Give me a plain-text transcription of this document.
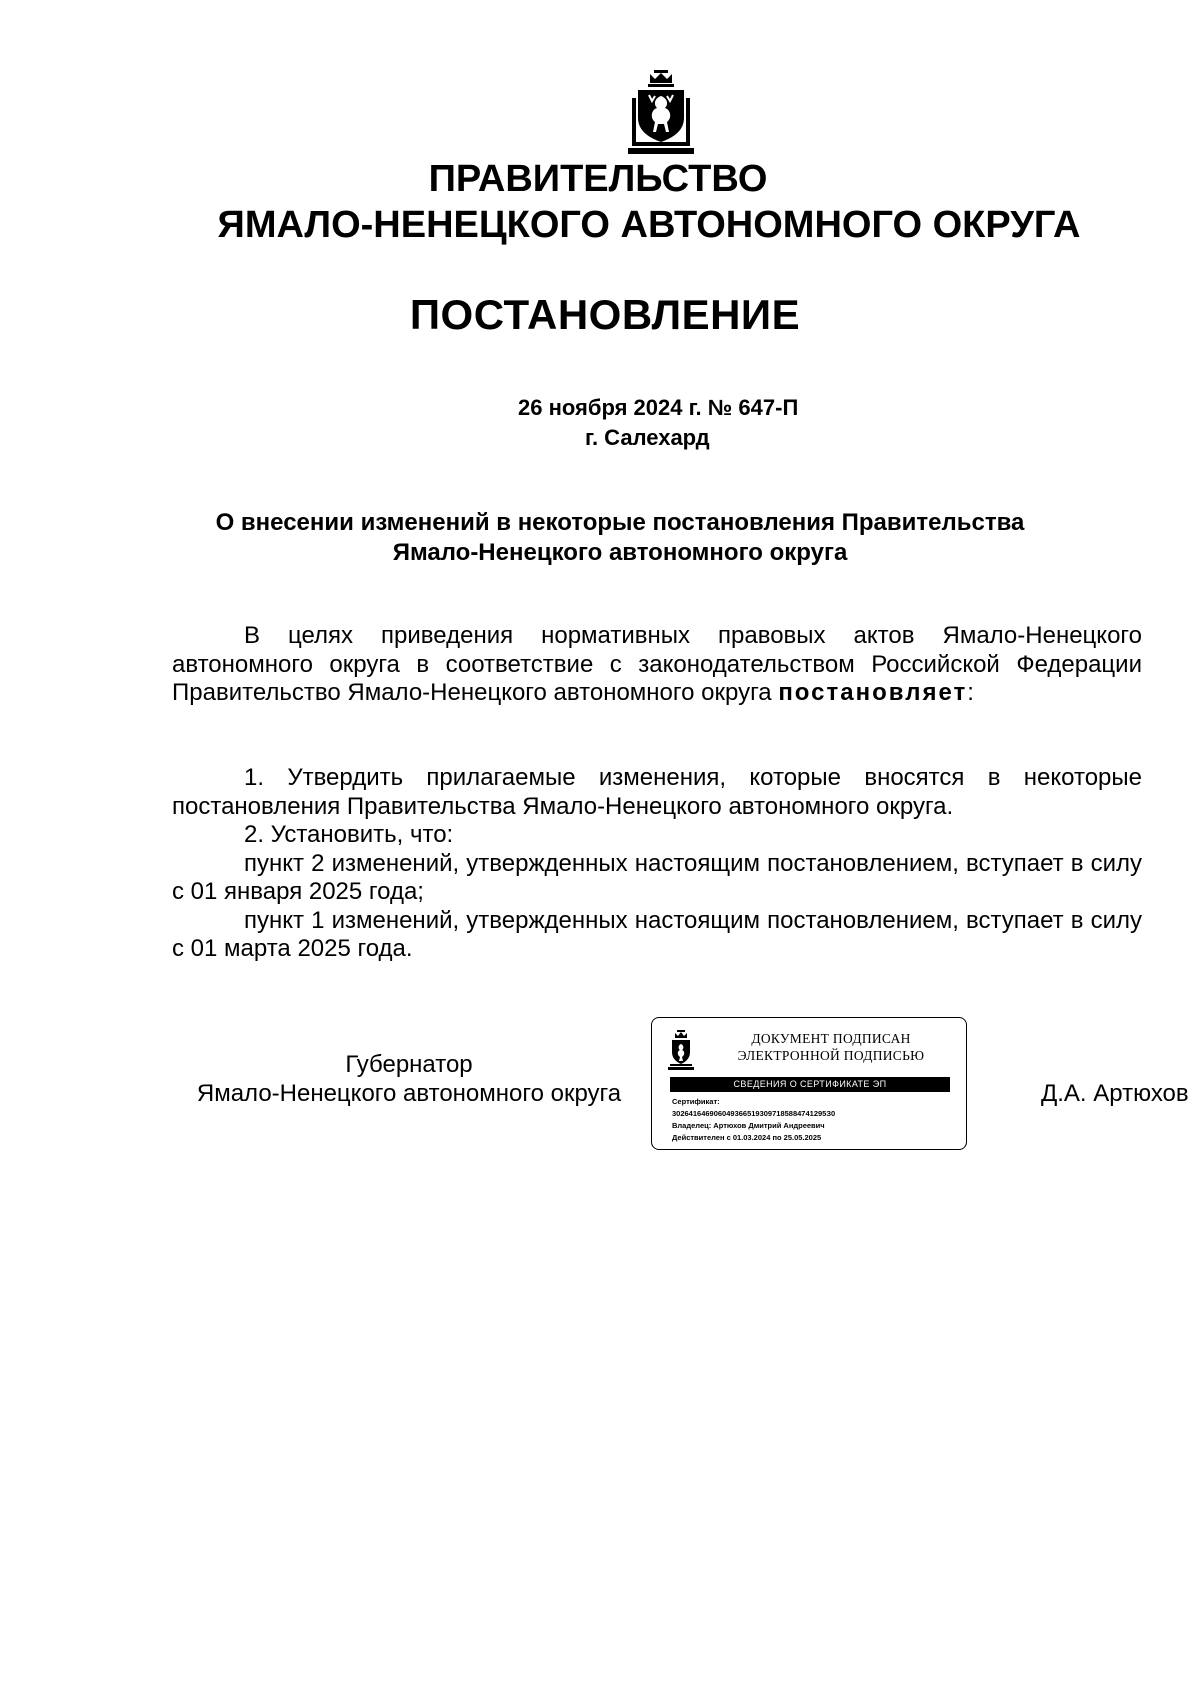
ПРАВИТЕЛЬСТВО
ЯМАЛО-НЕНЕЦКОГО АВТОНОМНОГО ОКРУГА
ПОСТАНОВЛЕНИЕ
26 ноября 2024 г. № 647-П
г. Салехард
О внесении изменений в некоторые постановления Правительства
Ямало-Ненецкого автономного округа

В целях приведения нормативных правовых актов Ямало-Ненецкого автономного округа в соответствие с законодательством Российской Федерации Правительство Ямало-Ненецкого автономного округа постановляет:

1. Утвердить прилагаемые изменения, которые вносятся в некоторые постановления Правительства Ямало-Ненецкого автономного округа.

2. Установить, что:

пункт 2 изменений, утвержденных настоящим постановлением, вступает в силу с 01 января 2025 года;

пункт 1 изменений, утвержденных настоящим постановлением, вступает в силу с 01 марта 2025 года.

Губернатор
Ямало-Ненецкого автономного округа
ДОКУМЕНТ ПОДПИСАН
ЭЛЕКТРОННОЙ ПОДПИСЬЮ
СВЕДЕНИЯ О СЕРТИФИКАТЕ ЭП
Сертификат:
3026416469060493665193097185884741295З0
Владелец: Артюхов Дмитрий Андреевич
Действителен с 01.03.2024 по 25.05.2025
Д.А. Артюхов
